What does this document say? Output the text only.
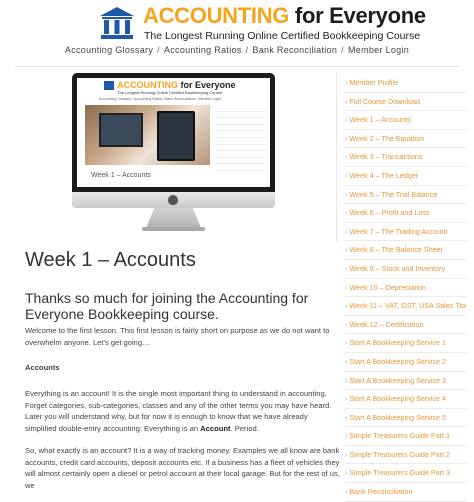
ACCOUNTING for Everyone
The Longest Running Online Certified Bookkeeping Course
Accounting Glossary / Accounting Ratios / Bank Reconciliation / Member Login
ACCOUNTING for Everyone
The Longest Running Online Certified Bookkeeping Course
Accounting Glossary / Accounting Ratios / Bank Reconciliation / Member Login
Week 1 – Accounts
Week 1 – Accounts
Thanks so much for joining the Accounting for Everyone Bookkeeping course.
Welcome to the first lesson. This first lesson is fairly short on purpose as we do not want to overwhelm anyone. Let's get going…
Accounts
Everything is an account! It is the single most important thing to understand in accounting. Forget categories, sub-categories, classes and any of the other terms you may have heard. Later you will understand why, but for now it is enough to know that we have already simplified double-entry accounting: Everything is an Account. Period.
So, what exactly is an account? It is a way of tracking money. Examples we all know are bank accounts, credit card accounts, deposit accounts etc. If a business has a fleet of vehicles they will almost certainly open a diesel or petrol account at their local garage. But for the rest of us, we
› Member Profile
› Full Course Download
› Week 1 – Accounts
› Week 2 – The Equation
› Week 3 – Transactions
› Week 4 – The Ledger
› Week 5 – The Trial Balance
› Week 6 – Profit and Loss
› Week 7 – The Trading Account
› Week 8 – The Balance Sheet
› Week 9 – Stock and Inventory
› Week 10 – Depreciation
› Week 11 – VAT, GST, USA Sales Tax
› Week 12 – Certification
› Start A Bookkeeping Service 1
› Start A Bookkeeping Service 2
› Start A Bookkeeping Service 3
› Start A Bookkeeping Service 4
› Start A Bookkeeping Service 5
› Simple Treasurers Guide Part 1
› Simple Treasurers Guide Part 2
› Simple Treasurers Guide Part 3
› Bank Reconciliation
